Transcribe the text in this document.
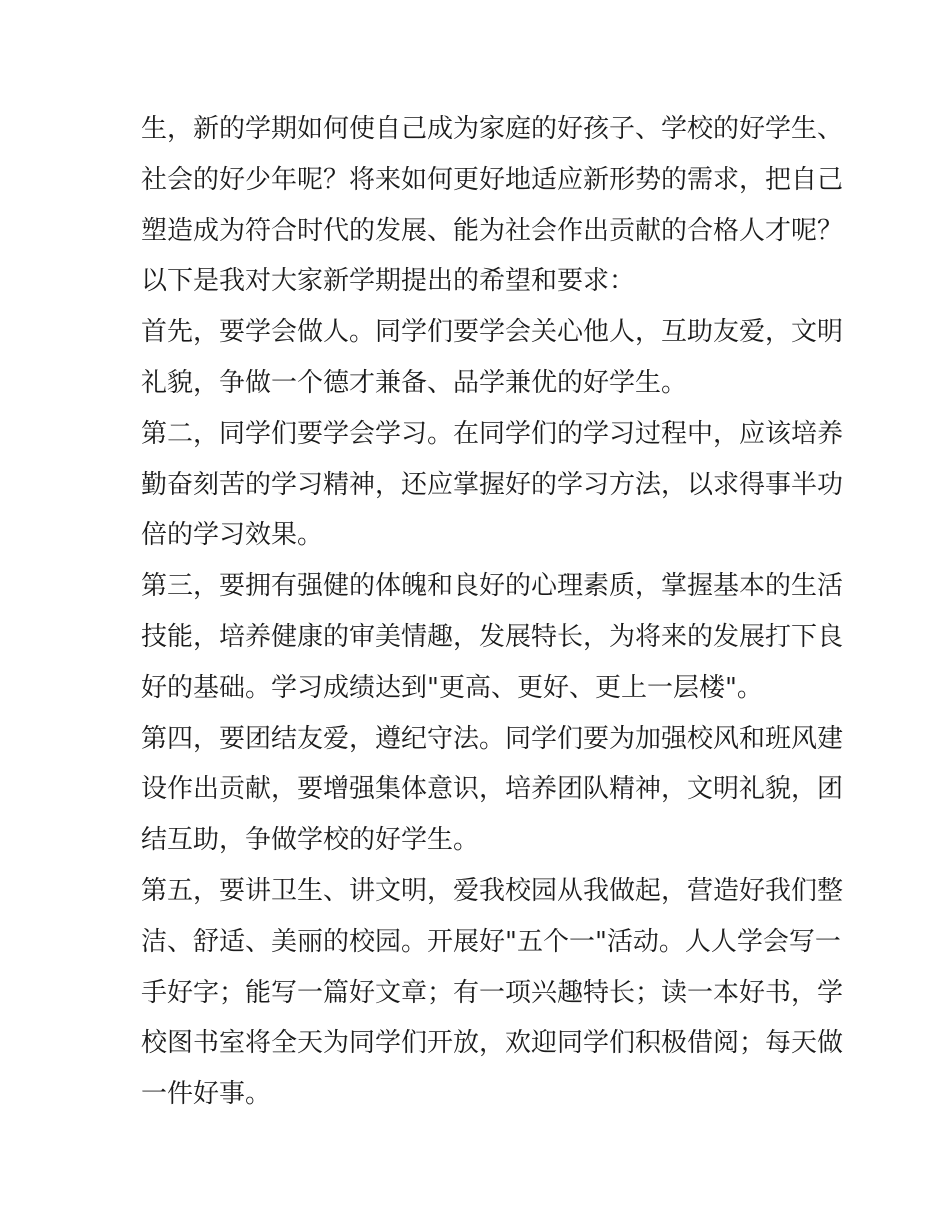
生，新的学期如何使自己成为家庭的好孩子、学校的好学生、
社会的好少年呢？将来如何更好地适应新形势的需求，把自己
塑造成为符合时代的发展、能为社会作出贡献的合格人才呢？
以下是我对大家新学期提出的希望和要求：
首先，要学会做人。同学们要学会关心他人，互助友爱，文明
礼貌，争做一个德才兼备、品学兼优的好学生。
第二，同学们要学会学习。在同学们的学习过程中，应该培养
勤奋刻苦的学习精神，还应掌握好的学习方法，以求得事半功
倍的学习效果。
第三，要拥有强健的体魄和良好的心理素质，掌握基本的生活
技能，培养健康的审美情趣，发展特长，为将来的发展打下良
好的基础。学习成绩达到"更高、更好、更上一层楼"。
第四，要团结友爱，遵纪守法。同学们要为加强校风和班风建
设作出贡献，要增强集体意识，培养团队精神，文明礼貌，团
结互助，争做学校的好学生。
第五，要讲卫生、讲文明，爱我校园从我做起，营造好我们整
洁、舒适、美丽的校园。开展好"五个一"活动。人人学会写一
手好字；能写一篇好文章；有一项兴趣特长；读一本好书，学
校图书室将全天为同学们开放，欢迎同学们积极借阅；每天做
一件好事。
